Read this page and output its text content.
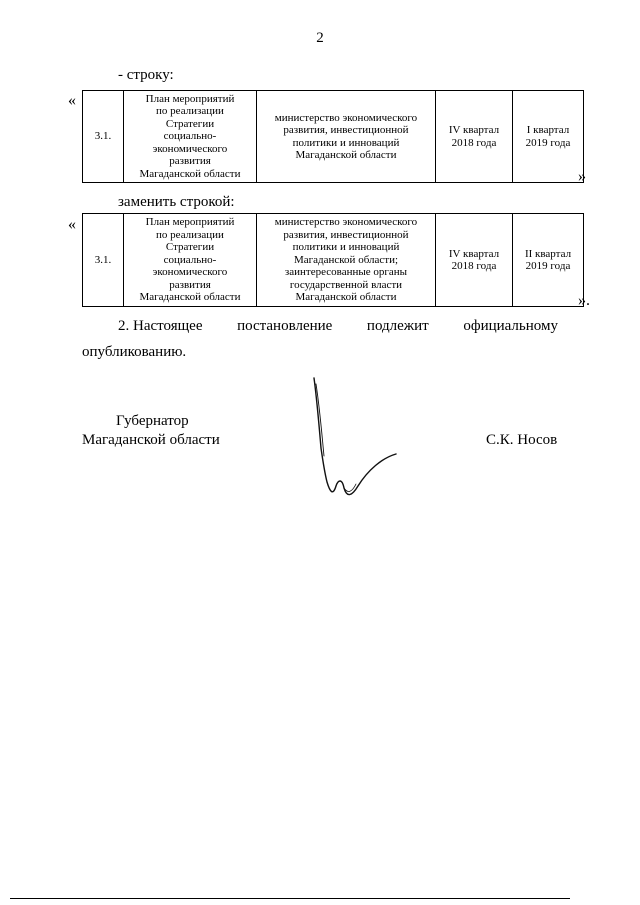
2
- строку:
«
3.1.	
План мероприятий
по реализации
Стратегии
социально-
экономического
развития
Магаданской области

министерство экономического
развития, инвестиционной
политики и инноваций
Магаданской области

IV квартал
2018 года

I квартал
2019 года
»
заменить строкой:
«
3.1.	
План мероприятий
по реализации
Стратегии
социально-
экономического
развития
Магаданской области

министерство экономического
развития, инвестиционной
политики и инноваций
Магаданской области;
заинтересованные органы
государственной власти
Магаданской области

IV квартал
2018 года

II квартал
2019 года
».
2. Настоящее постановление подлежит официальному
опубликованию.
Губернатор
Магаданской области	С.К. Носов
